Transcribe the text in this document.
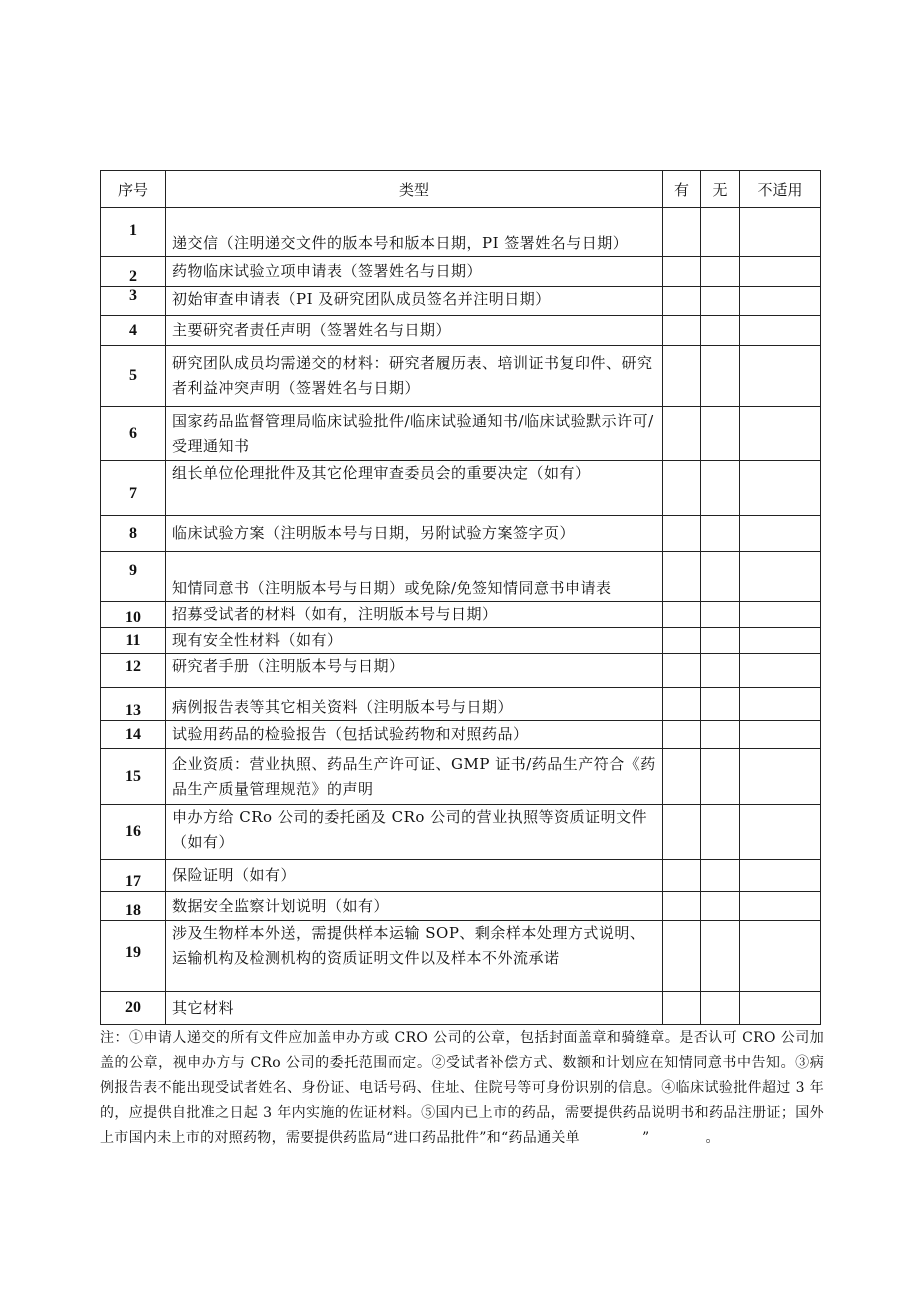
序号	类型	有	无	不适用
1	递交信（注明递交文件的版本号和版本日期，PI 签署姓名与日期）			
2	药物临床试验立项申请表（签署姓名与日期）			
3	初始审查申请表（PI 及研究团队成员签名并注明日期）			
4	主要研究者责任声明（签署姓名与日期）			
5	研究团队成员均需递交的材料：研究者履历表、培训证书复印件、研究者利益冲突声明（签署姓名与日期）			
6	国家药品监督管理局临床试验批件/临床试验通知书/临床试验默示许可/受理通知书			
7	组长单位伦理批件及其它伦理审查委员会的重要决定（如有）			
8	临床试验方案（注明版本号与日期，另附试验方案签字页）			
9	知情同意书（注明版本号与日期）或免除/免签知情同意书申请表			
10	招募受试者的材料（如有，注明版本号与日期）			
11	现有安全性材料（如有）			
12	研究者手册（注明版本号与日期）			
13	病例报告表等其它相关资料（注明版本号与日期）			
14	试验用药品的检验报告（包括试验药物和对照药品）			
15	企业资质：营业执照、药品生产许可证、GMP 证书/药品生产符合《药品生产质量管理规范》的声明			
16	申办方给 CRo 公司的委托函及 CRo 公司的营业执照等资质证明文件（如有）			
17	保险证明（如有）			
18	数据安全监察计划说明（如有）			
19	涉及生物样本外送，需提供样本运输 SOP、剩余样本处理方式说明、运输机构及检测机构的资质证明文件以及样本不外流承诺			
20	其它材料			
注：①申请人递交的所有文件应加盖申办方或 CRO 公司的公章，包括封面盖章和骑缝章。是否认可 CRO 公司加盖的公章，视申办方与 CRo 公司的委托范围而定。②受试者补偿方式、数额和计划应在知情同意书中告知。③病例报告表不能出现受试者姓名、身份证、电话号码、住址、住院号等可身份识别的信息。④临床试验批件超过 3 年的，应提供自批准之日起 3 年内实施的佐证材料。⑤国内已上市的药品，需要提供药品说明书和药品注册证；国外上市国内未上市的对照药物，需要提供药监局“进口药品批件”和“药品通关单	”	。
